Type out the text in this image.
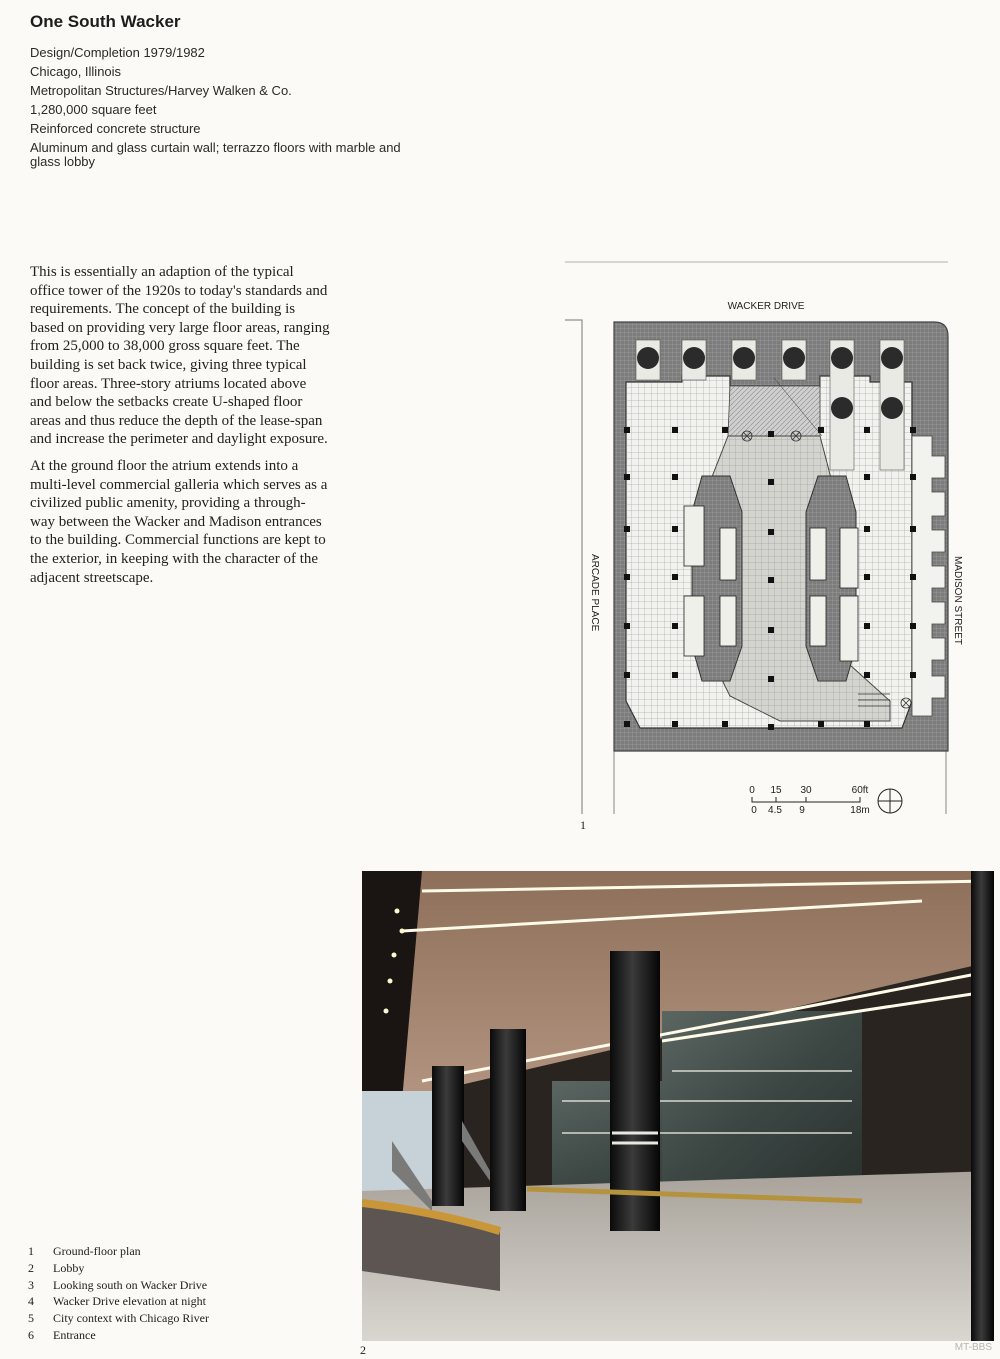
One South Wacker
Design/Completion 1979/1982
Chicago, Illinois
Metropolitan Structures/Harvey Walken & Co.
1,280,000 square feet
Reinforced concrete structure
Aluminum and glass curtain wall; terrazzo floors with marble and glass lobby

This is essentially an adaption of the typical office tower of the 1920s to today's standards and requirements. The concept of the building is based on providing very large floor areas, ranging from 25,000 to 38,000 gross square feet. The building is set back twice, giving three typical floor areas. Three-story atriums located above and below the setbacks create U-shaped floor areas and thus reduce the depth of the lease-span and increase the perimeter and daylight exposure.

At the ground floor the atrium extends into a multi-level commercial galleria which serves as a civilized public amenity, providing a through-way between the Wacker and Madison entrances to the building. Commercial functions are kept to the exterior, in keeping with the character of the adjacent streetscape.

WACKER DRIVE
ARCADE PLACE	MADISON STREET
0 15 30	60ft
0 4.5 9	18m
1
2
1	Ground-floor plan
2	Lobby
3	Looking south on Wacker Drive
4	Wacker Drive elevation at night
5	City context with Chicago River
6	Entrance
MT-BBS
